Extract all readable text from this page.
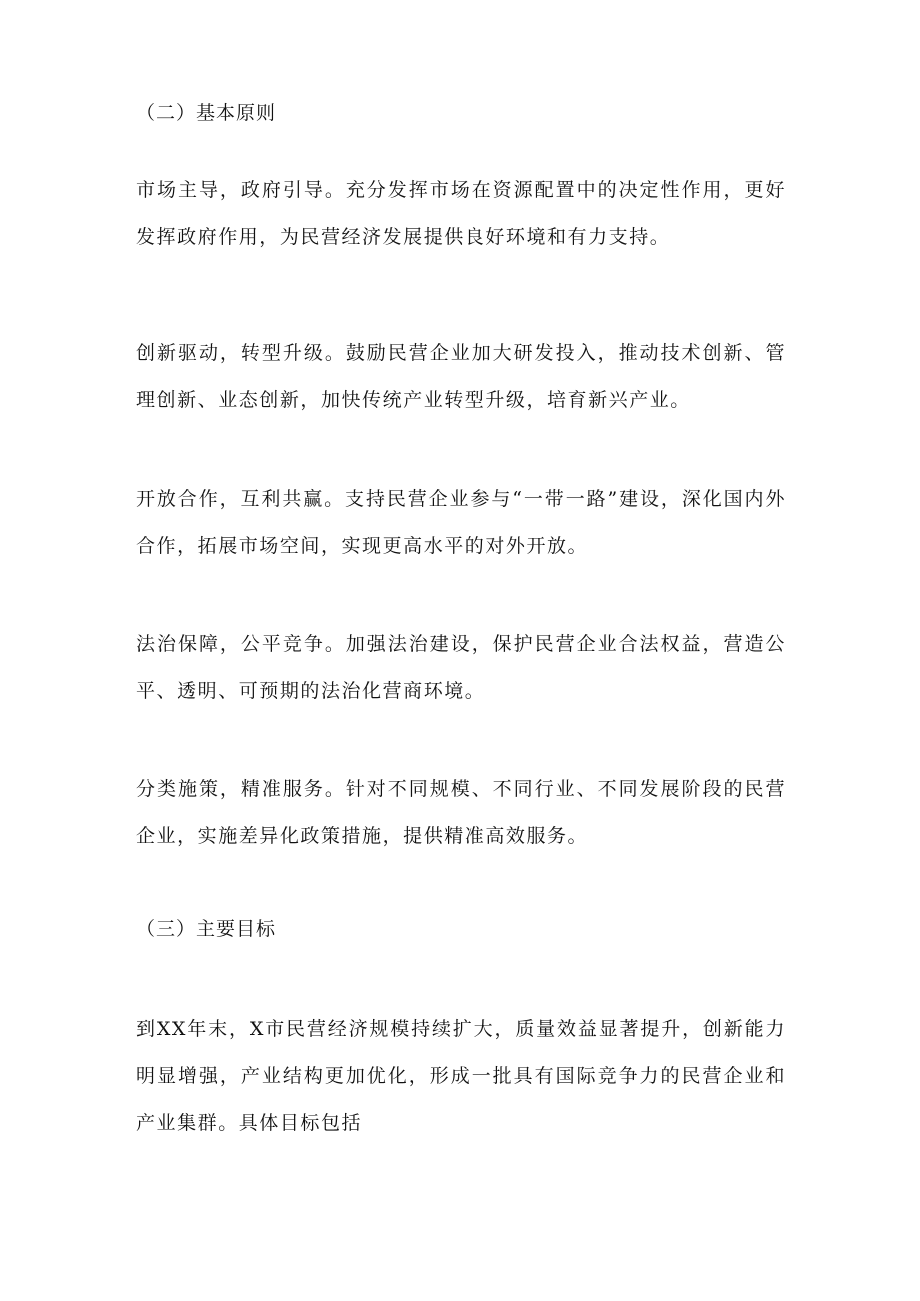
（二）基本原则
市场主导，政府引导。充分发挥市场在资源配置中的决定性作用，更好发挥政府作用，为民营经济发展提供良好环境和有力支持。
创新驱动，转型升级。鼓励民营企业加大研发投入，推动技术创新、管理创新、业态创新，加快传统产业转型升级，培育新兴产业。
开放合作，互利共赢。支持民营企业参与“一带一路”建设，深化国内外合作，拓展市场空间，实现更高水平的对外开放。
法治保障，公平竞争。加强法治建设，保护民营企业合法权益，营造公平、透明、可预期的法治化营商环境。
分类施策，精准服务。针对不同规模、不同行业、不同发展阶段的民营企业，实施差异化政策措施，提供精准高效服务。
（三）主要目标
到XX年末，X市民营经济规模持续扩大，质量效益显著提升，创新能力明显增强，产业结构更加优化，形成一批具有国际竞争力的民营企业和产业集群。具体目标包括
